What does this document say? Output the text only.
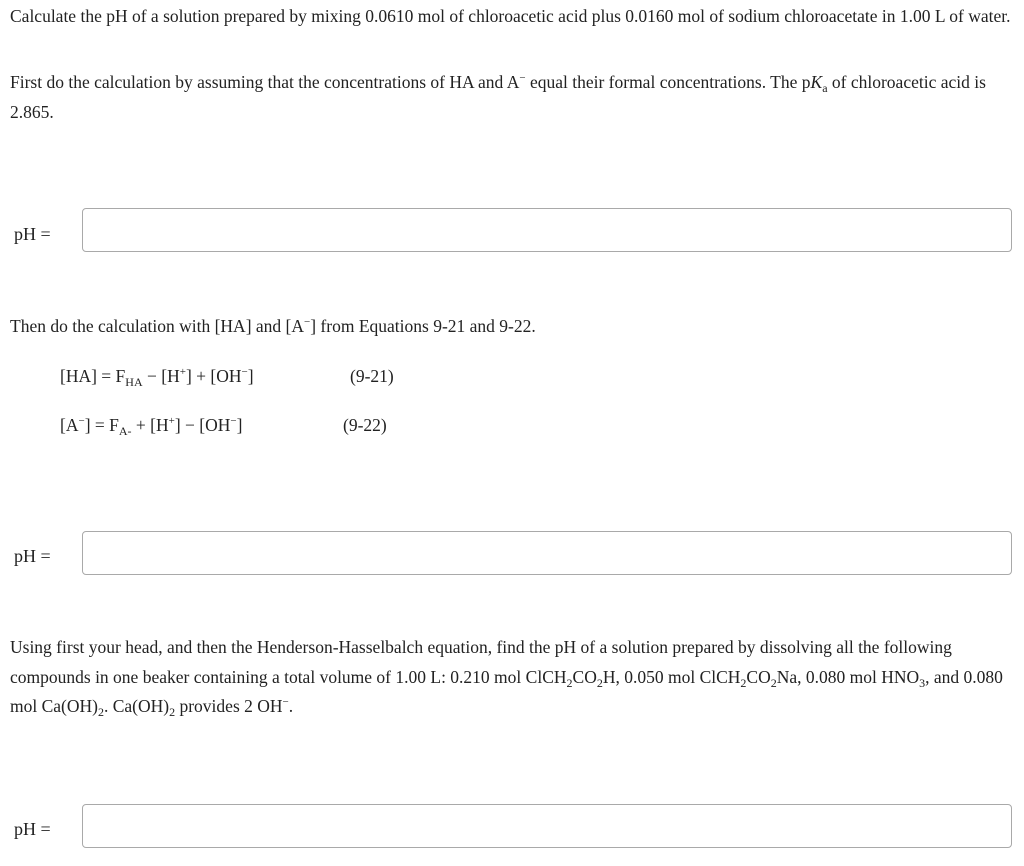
Calculate the pH of a solution prepared by mixing 0.0610 mol of chloroacetic acid plus 0.0160 mol of sodium chloroacetate in 1.00 L of water.
First do the calculation by assuming that the concentrations of HA and A− equal their formal concentrations. The $pK_a$ of chloroacetic acid is 2.865.
pH =
Then do the calculation with [HA] and [A−] from Equations 9-21 and 9-22.
$[HA] = F_{HA} - [H^+] + [OH^-]$	(9-21)
$[A^-] = F_{A-} + [H^+] - [OH^-]$	(9-22)
pH =
Using first your head, and then the Henderson-Hasselbalch equation, find the pH of a solution prepared by dissolving all the following compounds in one beaker containing a total volume of 1.00 L: 0.210 mol $ClCH_2CO_2H$, 0.050 mol $ClCH_2CO_2Na$, 0.080 mol $HNO_3$, and 0.080 mol $Ca(OH)_2$. $Ca(OH)_2$ provides 2 OH−.
pH =
